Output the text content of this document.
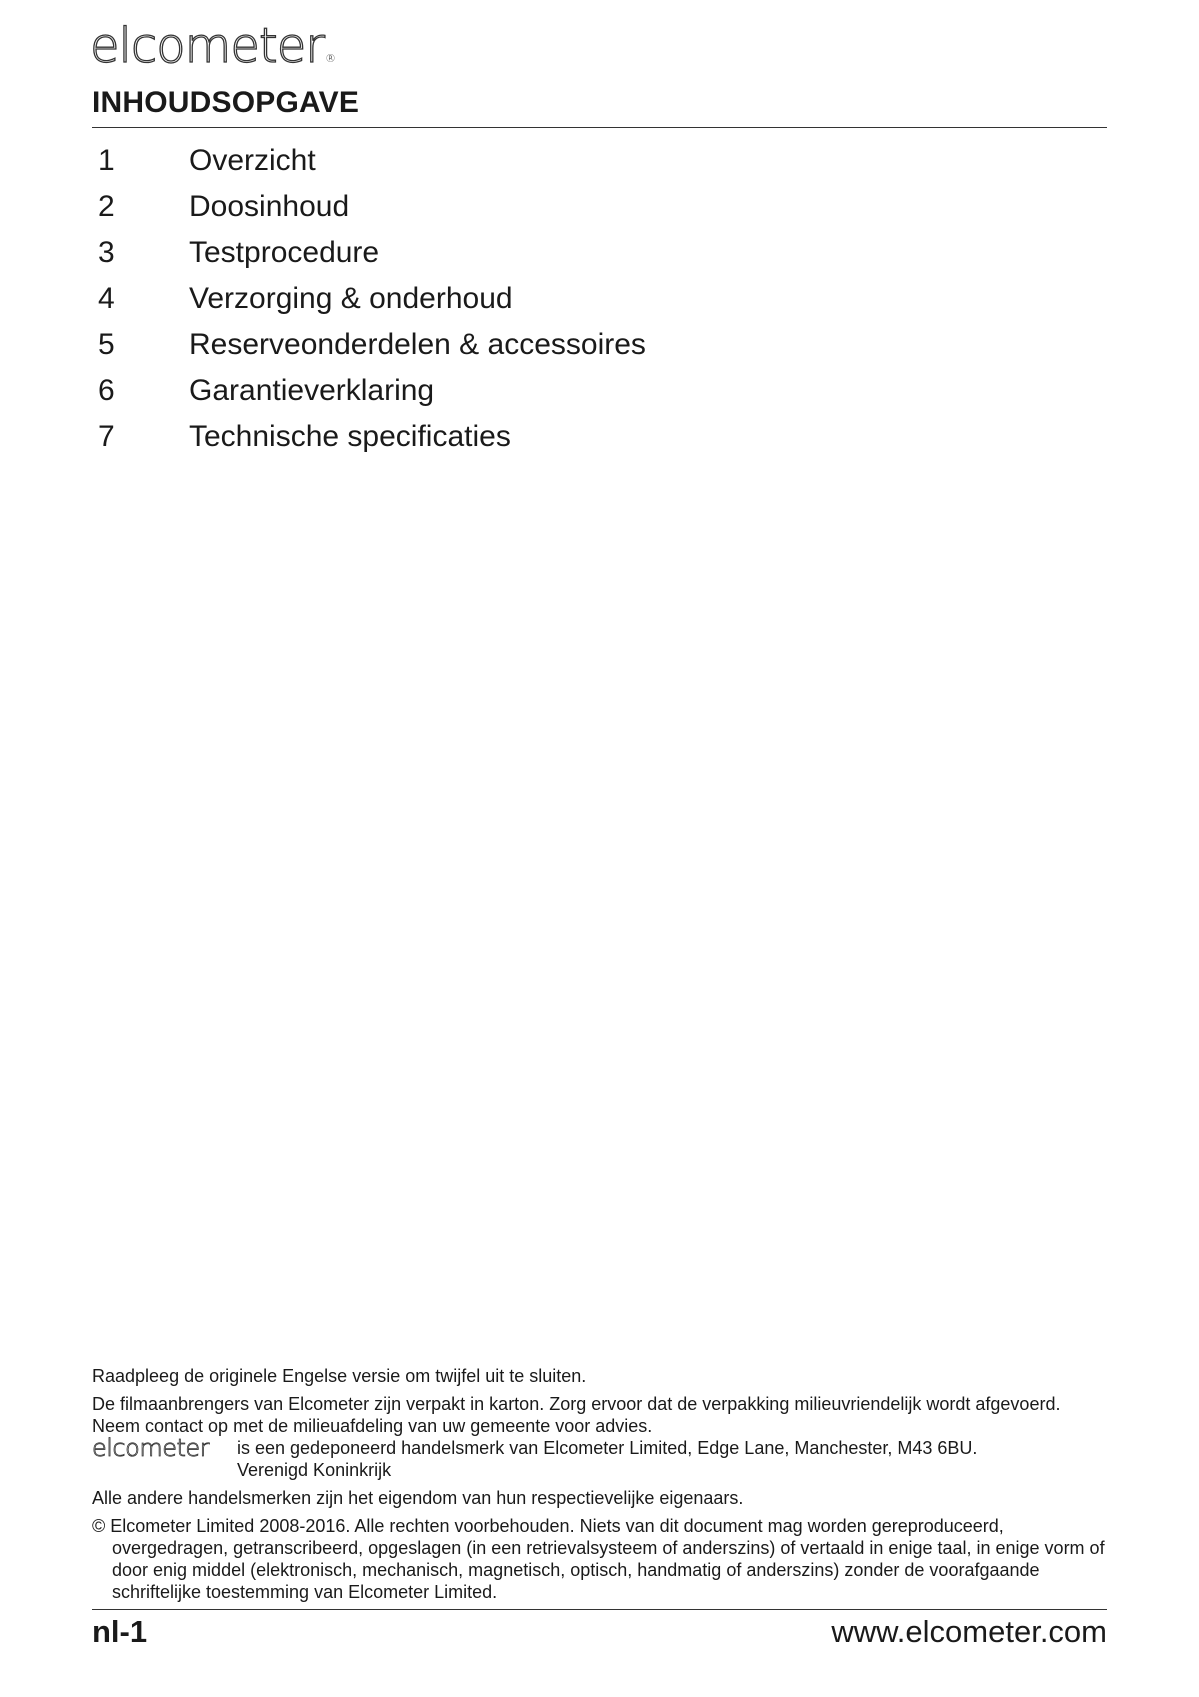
elcometer®
INHOUDSOPGAVE
1	Overzicht
2	Doosinhoud
3	Testprocedure
4	Verzorging & onderhoud
5	Reserveonderdelen & accessoires
6	Garantieverklaring
7	Technische specificaties

Raadpleeg de originele Engelse versie om twijfel uit te sluiten.

De filmaanbrengers van Elcometer zijn verpakt in karton. Zorg ervoor dat de verpakking milieuvriendelijk wordt afgevoerd. Neem contact op met de milieuafdeling van uw gemeente voor advies.

elcometer	is een gedeponeerd handelsmerk van Elcometer Limited, Edge Lane, Manchester, M43 6BU.

Verenigd Koninkrijk

Alle andere handelsmerken zijn het eigendom van hun respectievelijke eigenaars.

© Elcometer Limited 2008-2016. Alle rechten voorbehouden. Niets van dit document mag worden gereproduceerd,
overgedragen, getranscribeerd, opgeslagen (in een retrievalsysteem of anderszins) of vertaald in enige taal, in enige vorm of door enig middel (elektronisch, mechanisch, magnetisch, optisch, handmatig of anderszins) zonder de voorafgaande schriftelijke toestemming van Elcometer Limited.

nl-1	www.elcometer.com
